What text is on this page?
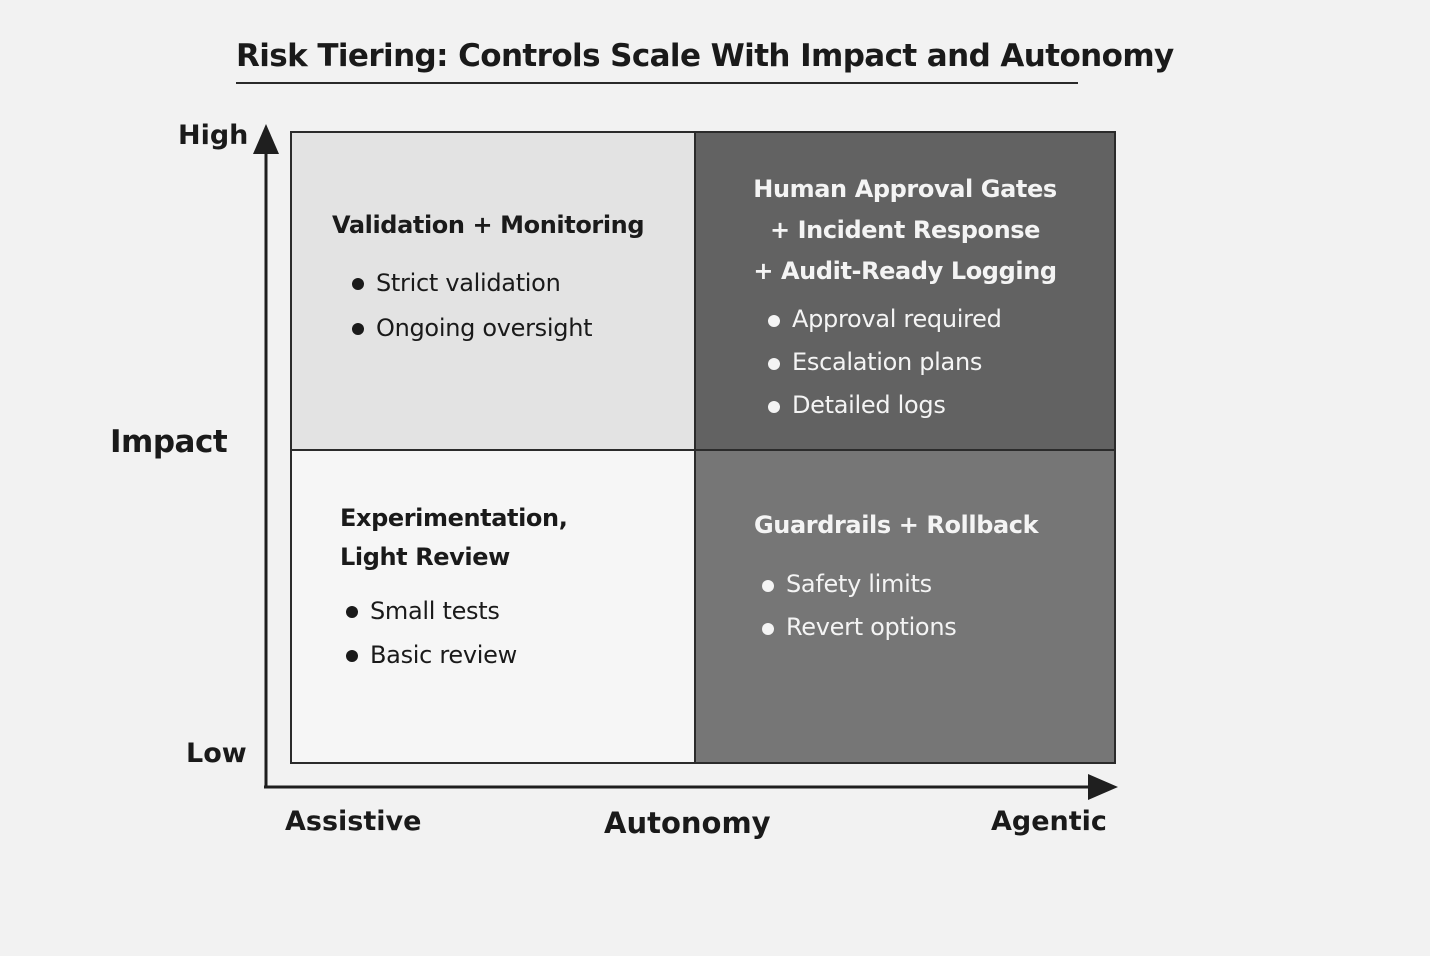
Risk Tiering: Controls Scale With Impact and Autonomy
High
Low
Impact
Assistive	Autonomy	Agentic
Validation + Monitoring
Strict validation
Ongoing oversight
Human Approval Gates
+ Incident Response
+ Audit-Ready Logging
Approval required
Escalation plans
Detailed logs
Experimentation,
Light Review
Small tests
Basic review
Guardrails + Rollback
Safety limits
Revert options
